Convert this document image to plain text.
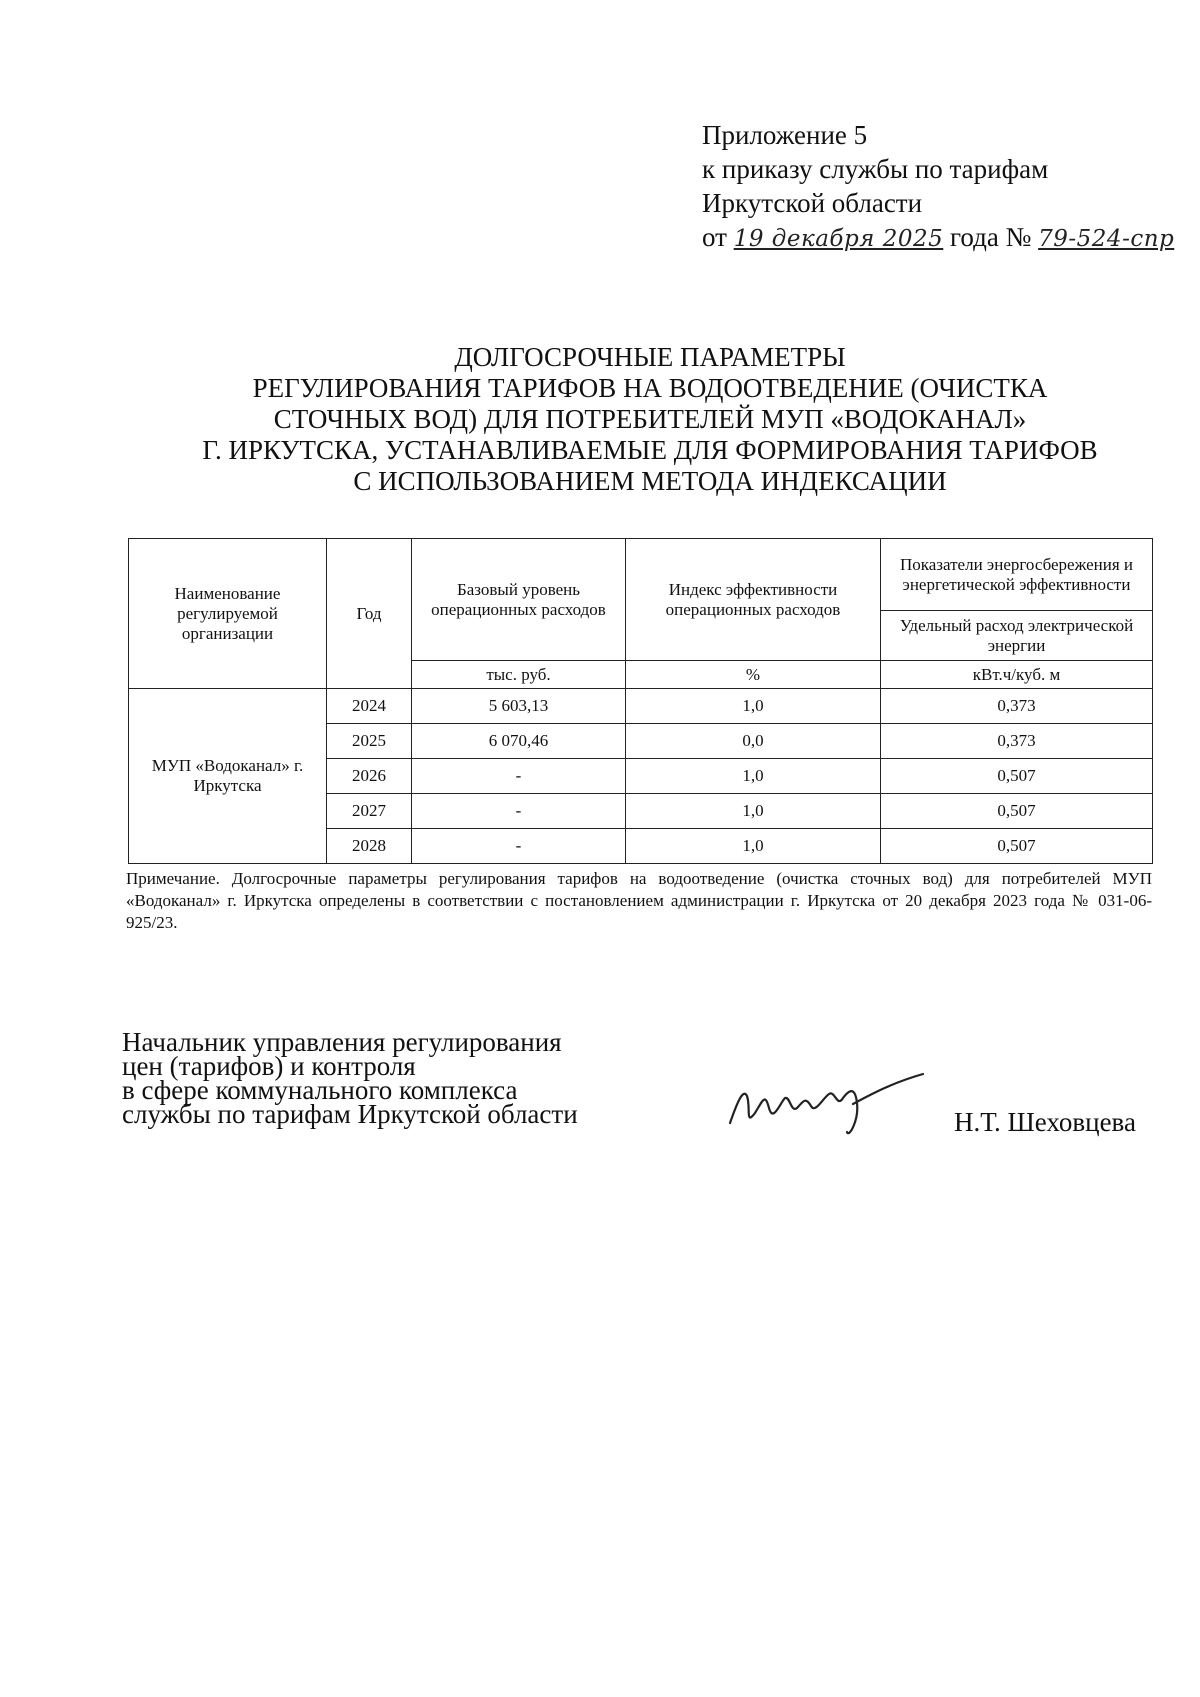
Приложение 5
к приказу службы по тарифам
Иркутской области
от 19 декабря 2025 года № 79-524-спр
ДОЛГОСРОЧНЫЕ ПАРАМЕТРЫ
РЕГУЛИРОВАНИЯ ТАРИФОВ НА ВОДООТВЕДЕНИЕ (ОЧИСТКА
СТОЧНЫХ ВОД) ДЛЯ ПОТРЕБИТЕЛЕЙ МУП «ВОДОКАНАЛ»
Г. ИРКУТСКА, УСТАНАВЛИВАЕМЫЕ ДЛЯ ФОРМИРОВАНИЯ ТАРИФОВ
С ИСПОЛЬЗОВАНИЕМ МЕТОДА ИНДЕКСАЦИИ
Наименование регулируемой организации	Год	Базовый уровень операционных расходов	Индекс эффективности операционных расходов	Показатели энергосбережения и энергетической эффективности
				Удельный расход электрической энергии
		тыс. руб.	%	кВт.ч/куб. м
МУП «Водоканал» г. Иркутска	2024	5 603,13	1,0	0,373
	2025	6 070,46	0,0	0,373
	2026	-	1,0	0,507
	2027	-	1,0	0,507
	2028	-	1,0	0,507
Примечание. Долгосрочные параметры регулирования тарифов на водоотведение (очистка сточных вод) для потребителей МУП «Водоканал» г. Иркутска определены в соответствии с постановлением администрации г. Иркутска от 20 декабря 2023 года № 031-06-925/23.
Начальник управления регулирования
цен (тарифов) и контроля
в сфере коммунального комплекса
службы по тарифам Иркутской области	Н.Т. Шеховцева
